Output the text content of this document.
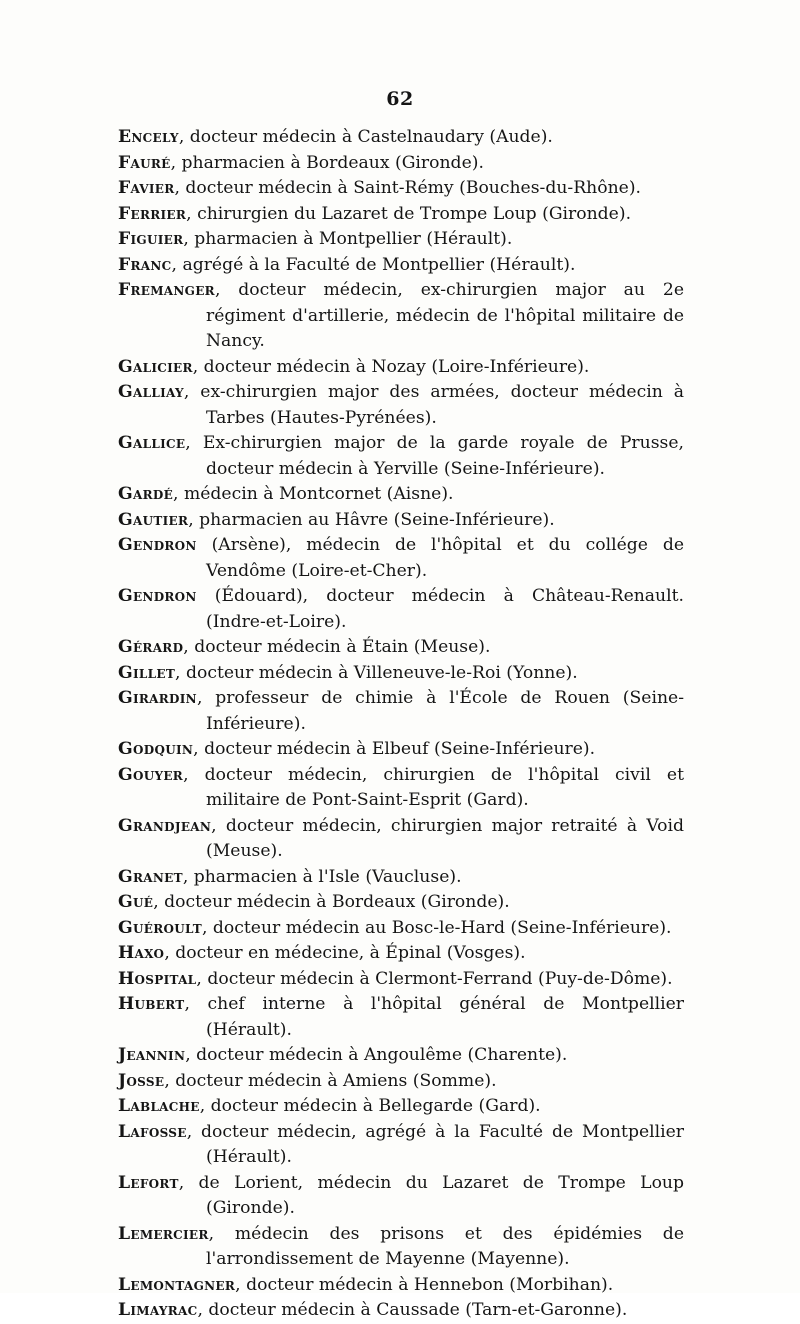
62
Encely, docteur médecin à Castelnaudary (Aude).
Fauré, pharmacien à Bordeaux (Gironde).
Favier, docteur médecin à Saint-Rémy (Bouches-du-Rhône).
Ferrier, chirurgien du Lazaret de Trompe Loup (Gironde).
Figuier, pharmacien à Montpellier (Hérault).
Franc, agrégé à la Faculté de Montpellier (Hérault).
Fremanger, docteur médecin, ex-chirurgien major au 2e régiment d'artillerie, médecin de l'hôpital militaire de Nancy.
Galicier, docteur médecin à Nozay (Loire-Inférieure).
Galliay, ex-chirurgien major des armées, docteur médecin à Tarbes (Hautes-Pyrénées).
Gallice, Ex-chirurgien major de la garde royale de Prusse, docteur médecin à Yerville (Seine-Inférieure).
Gardé, médecin à Montcornet (Aisne).
Gautier, pharmacien au Hâvre (Seine-Inférieure).
Gendron (Arsène), médecin de l'hôpital et du collége de Vendôme (Loire-et-Cher).
Gendron (Édouard), docteur médecin à Château-Renault. (Indre-et-Loire).
Gérard, docteur médecin à Étain (Meuse).
Gillet, docteur médecin à Villeneuve-le-Roi (Yonne).
Girardin, professeur de chimie à l'École de Rouen (Seine-Inférieure).
Godquin, docteur médecin à Elbeuf (Seine-Inférieure).
Gouyer, docteur médecin, chirurgien de l'hôpital civil et militaire de Pont-Saint-Esprit (Gard).
Grandjean, docteur médecin, chirurgien major retraité à Void (Meuse).
Granet, pharmacien à l'Isle (Vaucluse).
Gué, docteur médecin à Bordeaux (Gironde).
Guéroult, docteur médecin au Bosc-le-Hard (Seine-Inférieure).
Haxo, docteur en médecine, à Épinal (Vosges).
Hospital, docteur médecin à Clermont-Ferrand (Puy-de-Dôme).
Hubert, chef interne à l'hôpital général de Montpellier (Hérault).
Jeannin, docteur médecin à Angoulême (Charente).
Josse, docteur médecin à Amiens (Somme).
Lablache, docteur médecin à Bellegarde (Gard).
Lafosse, docteur médecin, agrégé à la Faculté de Montpellier (Hérault).
Lefort, de Lorient, médecin du Lazaret de Trompe Loup (Gironde).
Lemercier, médecin des prisons et des épidémies de l'arrondissement de Mayenne (Mayenne).
Lemontagner, docteur médecin à Hennebon (Morbihan).
Limayrac, docteur médecin à Caussade (Tarn-et-Garonne).
